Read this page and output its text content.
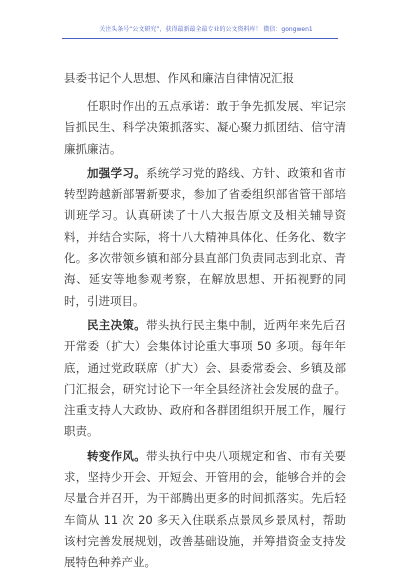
关注头条号“公文研究”，获得最新最全最专业的公文资料库！ 微信：gongwen1
县委书记个人思想、作风和廉洁自律情况汇报

任职时作出的五点承诺：敢于争先抓发展、牢记宗旨抓民生、科学决策抓落实、凝心聚力抓团结、信守清廉抓廉洁。

加强学习。系统学习党的路线、方针、政策和省市转型跨越新部署新要求，参加了省委组织部省管干部培训班学习。认真研读了十八大报告原文及相关辅导资料，并结合实际，将十八大精神具体化、任务化、数字化。多次带领乡镇和部分县直部门负责同志到北京、青海、延安等地参观考察，在解放思想、开拓视野的同时，引进项目。

民主决策。带头执行民主集中制，近两年来先后召开常委（扩大）会集体讨论重大事项 50 多项。每年年底，通过党政联席（扩大）会、县委常委会、乡镇及部门汇报会，研究讨论下一年全县经济社会发展的盘子。注重支持人大政协、政府和各群团组织开展工作，履行职责。

转变作风。带头执行中央八项规定和省、市有关要求，坚持少开会、开短会、开管用的会，能够合并的会尽量合并召开，为干部腾出更多的时间抓落实。先后轻车简从 11 次 20 多天入住联系点景凤乡景凤村，帮助该村完善发展规划，改善基础设施，并筹措资金支持发展特色种养产业。
